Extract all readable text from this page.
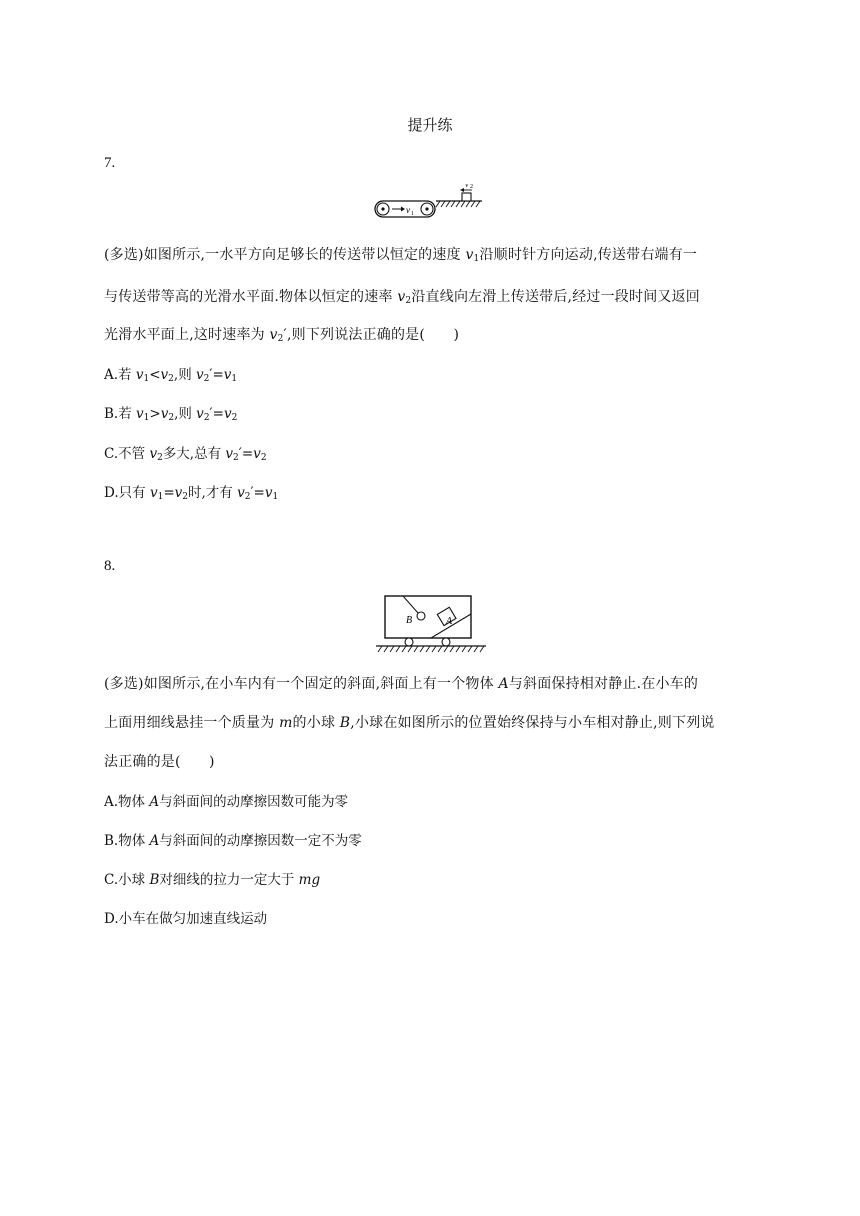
提升练
7.
v 1
v 2
(多选)如图所示,一水平方向足够长的传送带以恒定的速度 $v_1$沿顺时针方向运动,传送带右端有一
与传送带等高的光滑水平面.物体以恒定的速率 $v_2$沿直线向左滑上传送带后,经过一段时间又返回
光滑水平面上,这时速率为 $v_2'$,则下列说法正确的是(　　)
A.若 $v_1<v_2$,则 $v_2'=v_1$
B.若 $v_1>v_2$,则 $v_2'=v_2$
C.不管 $v_2$多大,总有 $v_2'=v_2$
D.只有 $v_1=v_2$时,才有 $v_2'=v_1$
8.
A
B
(多选)如图所示,在小车内有一个固定的斜面,斜面上有一个物体 A与斜面保持相对静止.在小车的
上面用细线悬挂一个质量为 m的小球 B,小球在如图所示的位置始终保持与小车相对静止,则下列说
法正确的是(　　)
A.物体 A与斜面间的动摩擦因数可能为零
B.物体 A与斜面间的动摩擦因数一定不为零
C.小球 B对细线的拉力一定大于 mg
D.小车在做匀加速直线运动
